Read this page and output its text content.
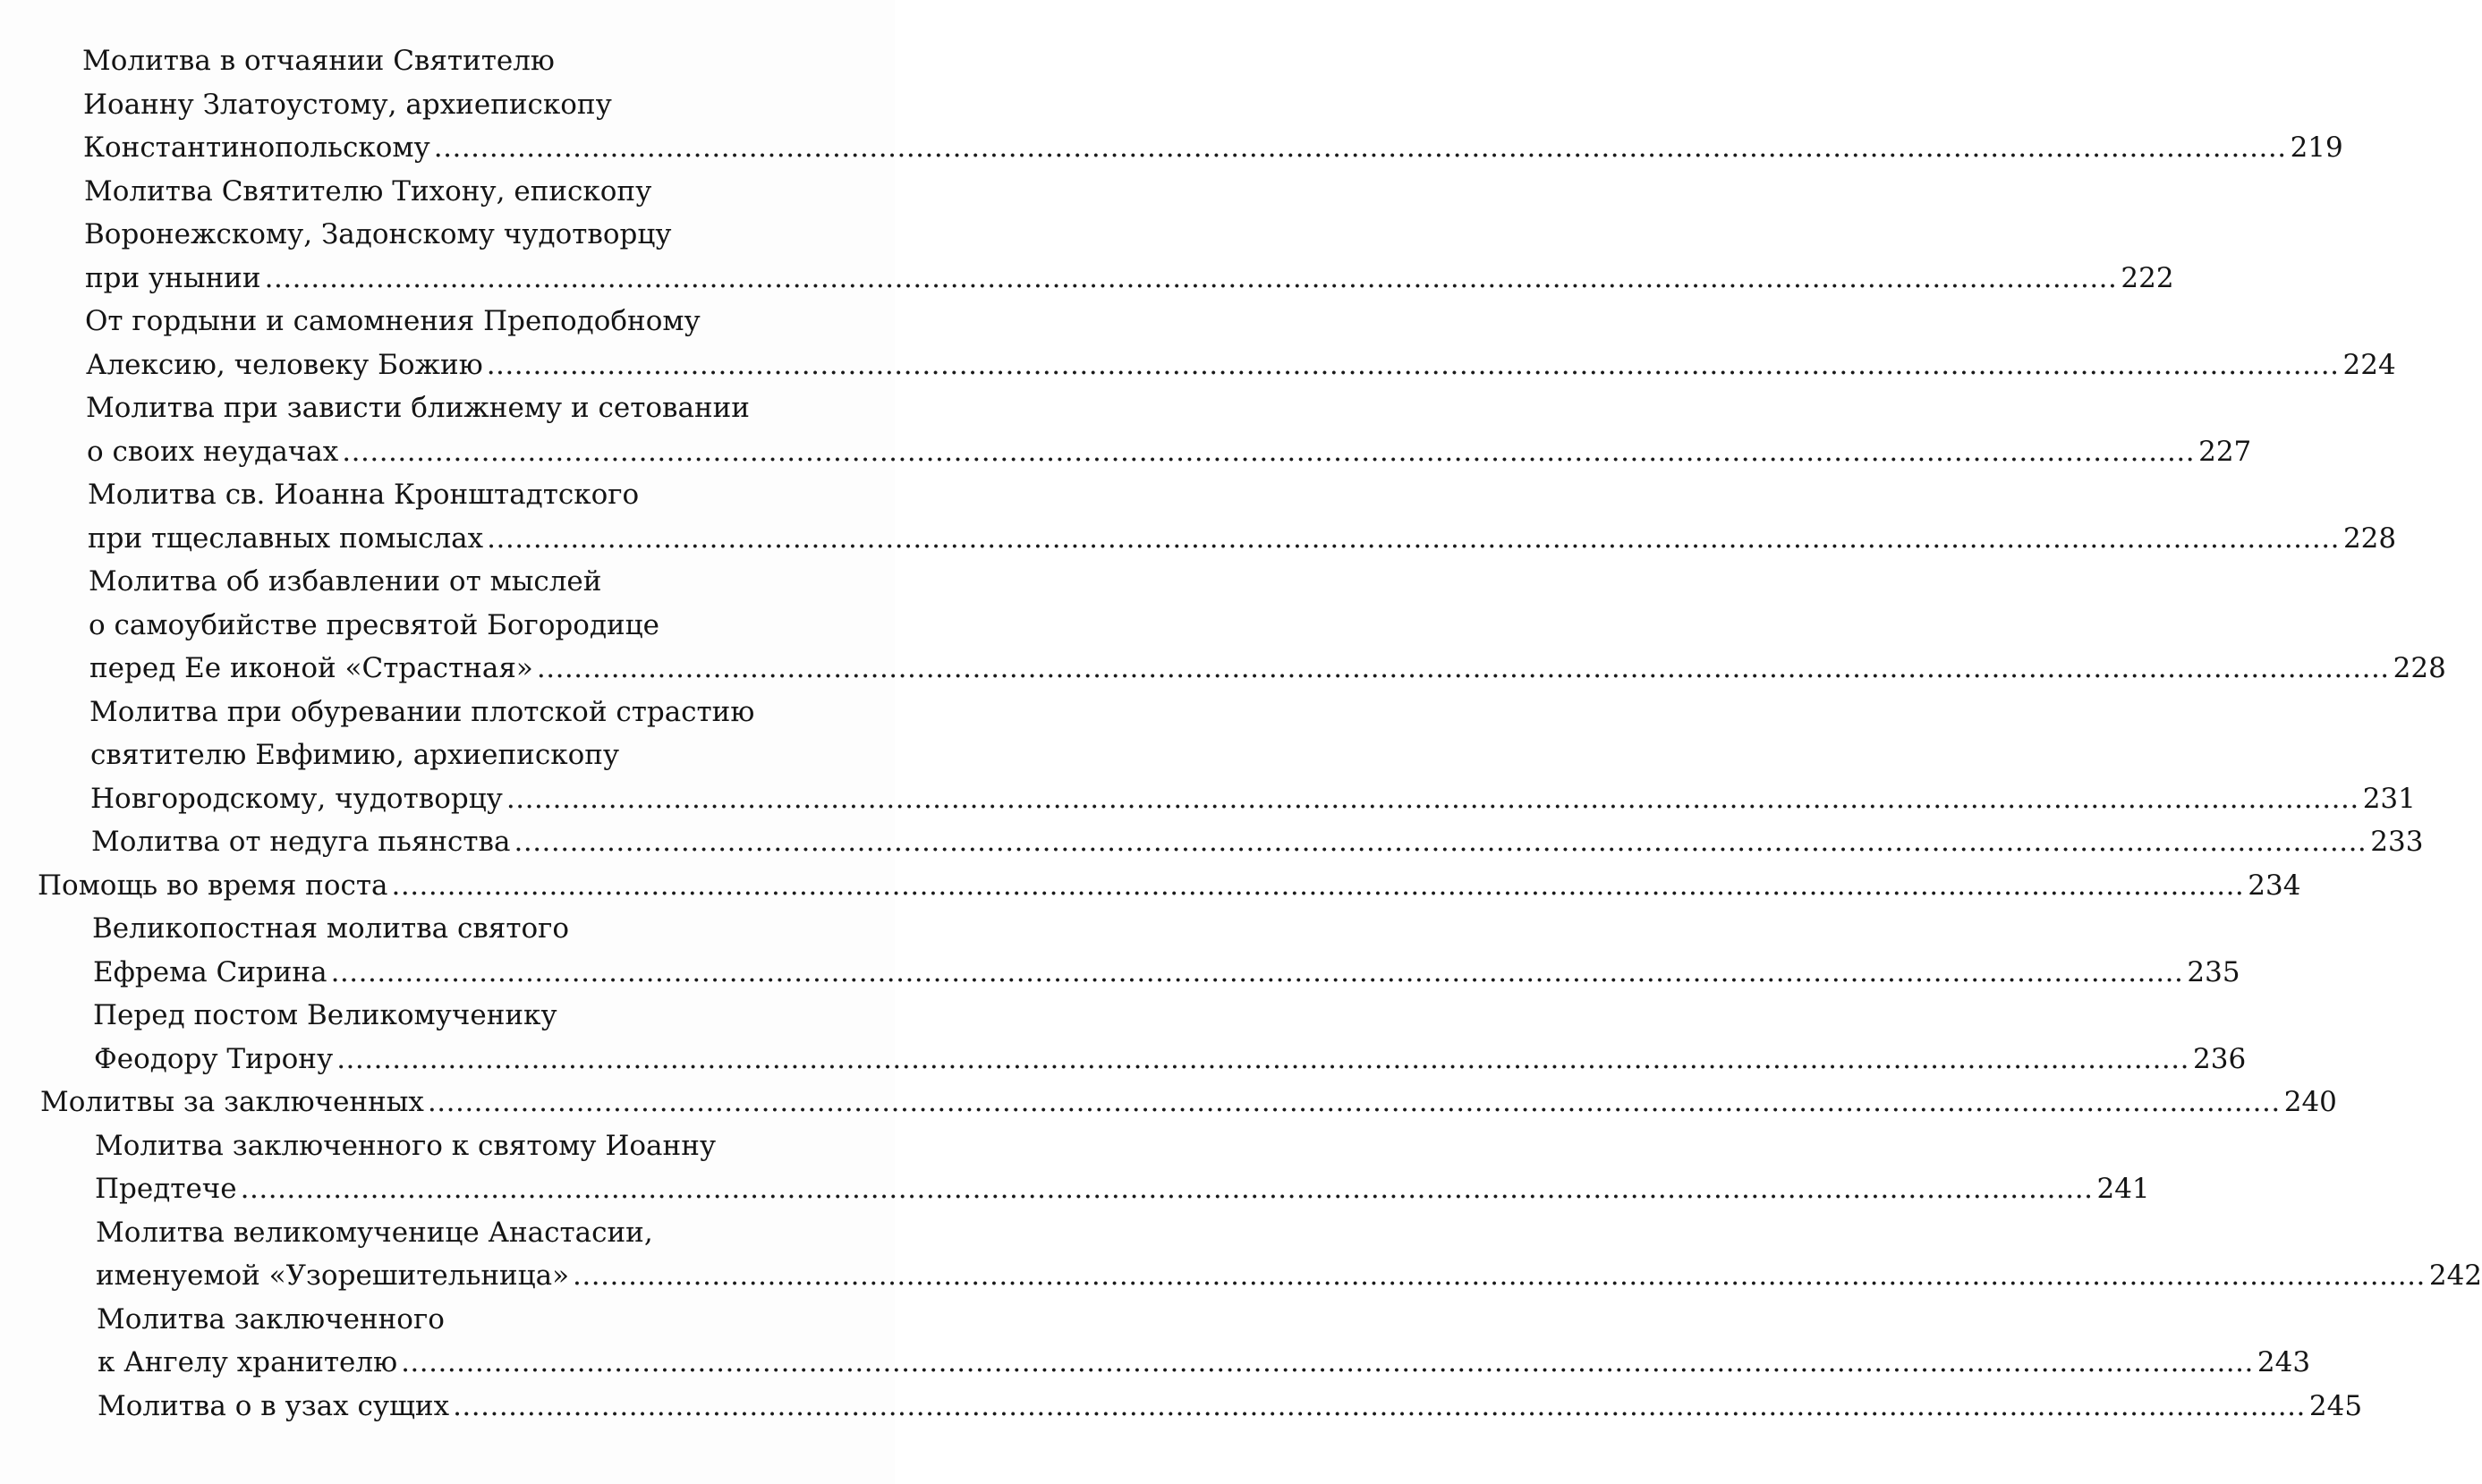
Молитва в отчаянии Святителю
Иоанну Златоустому, архиепископу
Константинопольскому ........................................................................................................................................................................................................ 219
Молитва Святителю Тихону, епископу
Воронежскому, Задонскому чудотворцу
при унынии ........................................................................................................................................................................................................ 222
От гордыни и самомнения Преподобному
Алексию, человеку Божию ........................................................................................................................................................................................................ 224
Молитва при зависти ближнему и сетовании
о своих неудачах ........................................................................................................................................................................................................ 227
Молитва св. Иоанна Кронштадтского
при тщеславных помыслах ........................................................................................................................................................................................................ 228
Молитва об избавлении от мыслей
о самоубийстве пресвятой Богородице
перед Ее иконой «Страстная» ........................................................................................................................................................................................................ 228
Молитва при обуревании плотской страстию
святителю Евфимию, архиепископу
Новгородскому, чудотворцу ........................................................................................................................................................................................................ 231
Молитва от недуга пьянства ........................................................................................................................................................................................................ 233
Помощь во время поста ........................................................................................................................................................................................................ 234
Великопостная молитва святого
Ефрема Сирина ........................................................................................................................................................................................................ 235
Перед постом Великомученику
Феодору Тирону ........................................................................................................................................................................................................ 236
Молитвы за заключенных ........................................................................................................................................................................................................ 240
Молитва заключенного к святому Иоанну
Предтече ........................................................................................................................................................................................................ 241
Молитва великомученице Анастасии,
именуемой «Узорешительница» ........................................................................................................................................................................................................ 242
Молитва заключенного
к Ангелу хранителю ........................................................................................................................................................................................................ 243
Молитва о в узах сущих ........................................................................................................................................................................................................ 245
